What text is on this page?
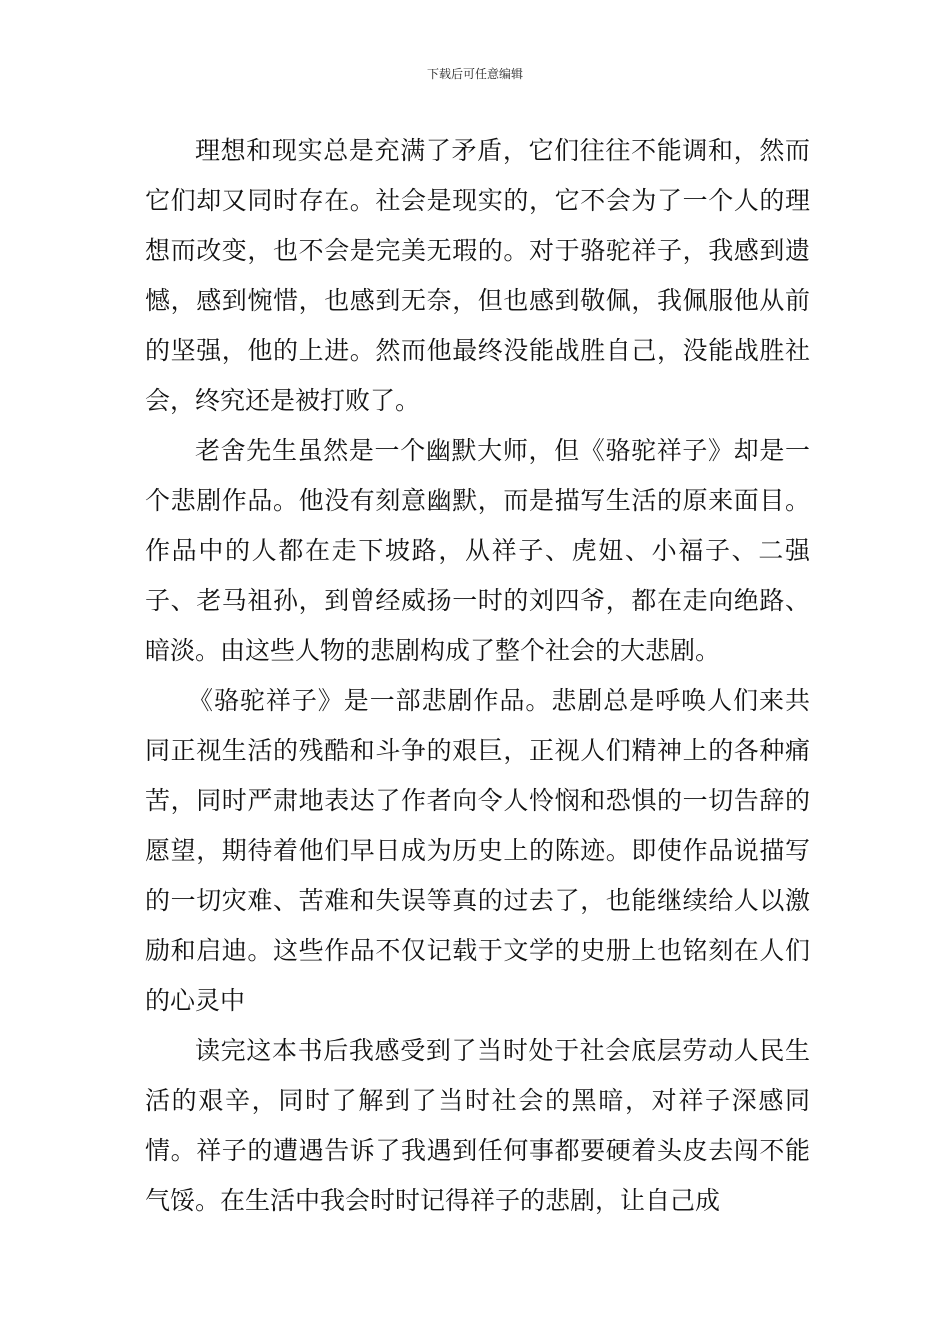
下载后可任意编辑

理想和现实总是充满了矛盾，它们往往不能调和，然而它们却又同时存在。社会是现实的，它不会为了一个人的理想而改变，也不会是完美无瑕的。对于骆驼祥子，我感到遗憾，感到惋惜，也感到无奈，但也感到敬佩，我佩服他从前的坚强，他的上进。然而他最终没能战胜自己，没能战胜社会，终究还是被打败了。

老舍先生虽然是一个幽默大师，但《骆驼祥子》却是一个悲剧作品。他没有刻意幽默，而是描写生活的原来面目。作品中的人都在走下坡路，从祥子、虎妞、小福子、二强子、老马祖孙，到曾经威扬一时的刘四爷，都在走向绝路、暗淡。由这些人物的悲剧构成了整个社会的大悲剧。

《骆驼祥子》是一部悲剧作品。悲剧总是呼唤人们来共同正视生活的残酷和斗争的艰巨，正视人们精神上的各种痛苦，同时严肃地表达了作者向令人怜悯和恐惧的一切告辞的愿望，期待着他们早日成为历史上的陈迹。即使作品说描写的一切灾难、苦难和失误等真的过去了，也能继续给人以激励和启迪。这些作品不仅记载于文学的史册上也铭刻在人们的心灵中

读完这本书后我感受到了当时处于社会底层劳动人民生活的艰辛，同时了解到了当时社会的黑暗，对祥子深感同情。祥子的遭遇告诉了我遇到任何事都要硬着头皮去闯不能气馁。在生活中我会时时记得祥子的悲剧，让自己成
